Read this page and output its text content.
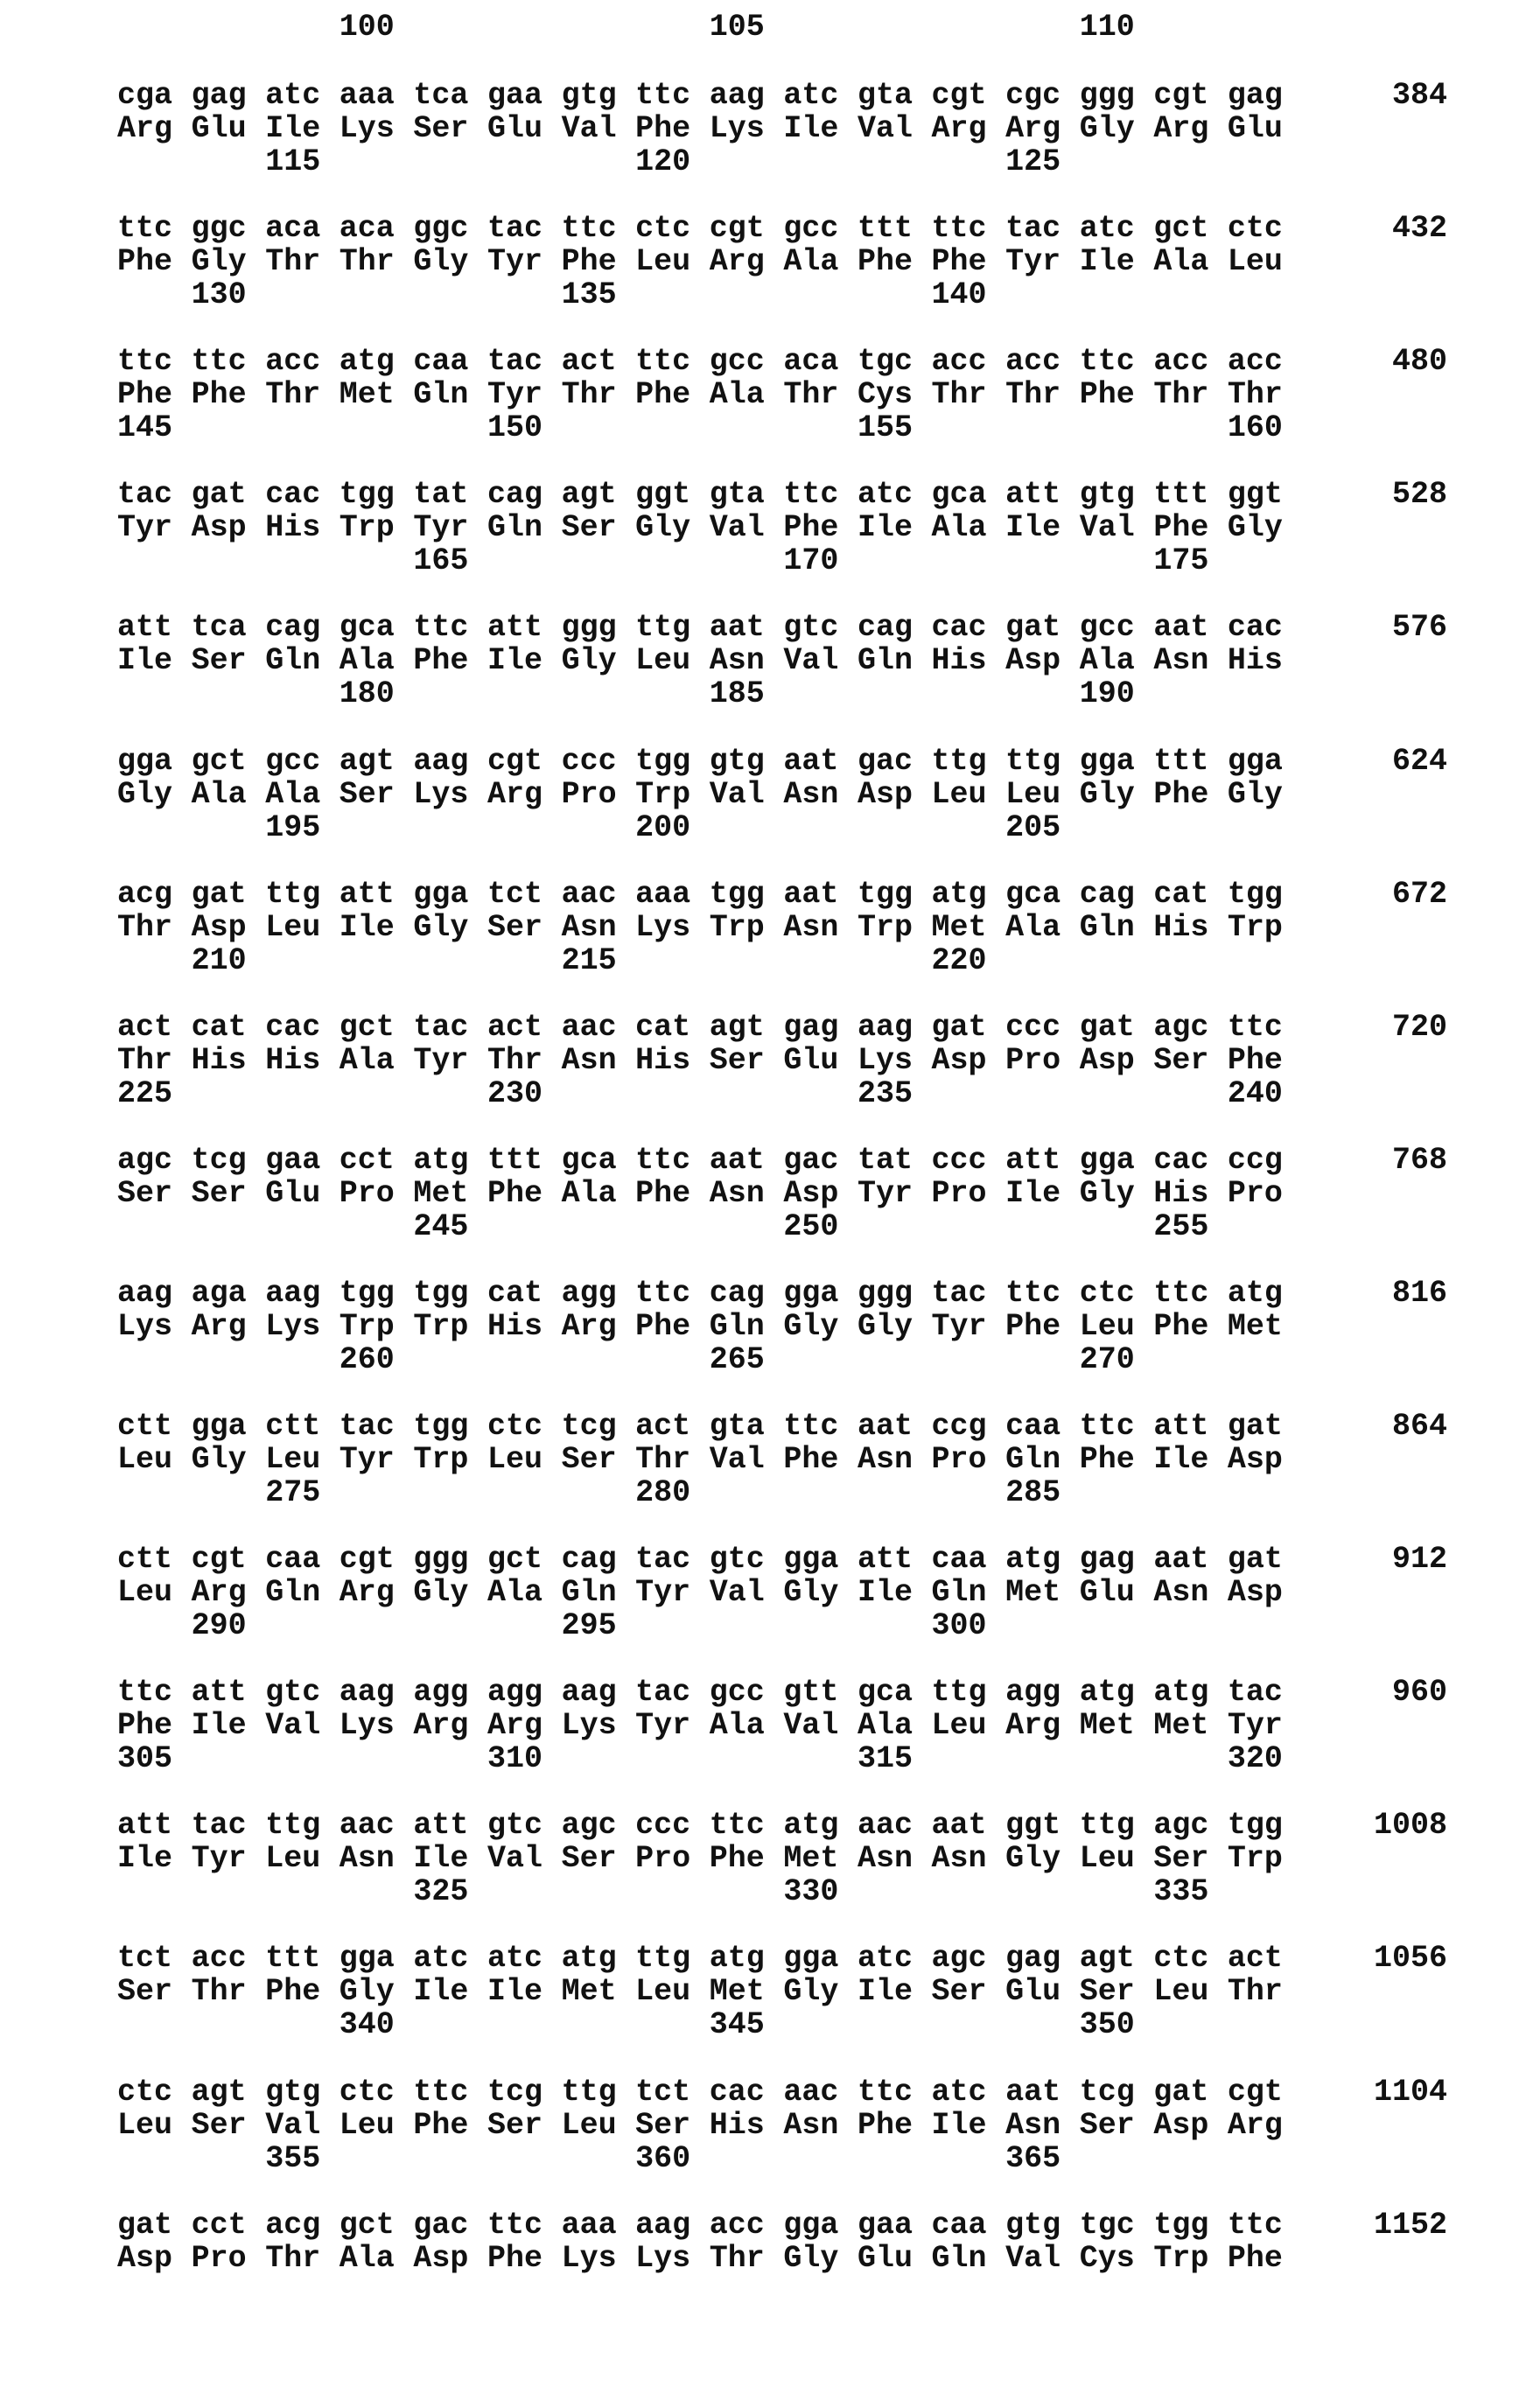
100	105	110
cga gag atc aaa tca gaa gtg ttc aag atc gta cgt cgc ggg cgt gag
Arg Glu Ile Lys Ser Glu Val Phe Lys Ile Val Arg Arg Gly Arg Glu
115	120	125
384
ttc ggc aca aca ggc tac ttc ctc cgt gcc ttt ttc tac atc gct ctc
Phe Gly Thr Thr Gly Tyr Phe Leu Arg Ala Phe Phe Tyr Ile Ala Leu
130	135	140
432
ttc ttc acc atg caa tac act ttc gcc aca tgc acc acc ttc acc acc
Phe Phe Thr Met Gln Tyr Thr Phe Ala Thr Cys Thr Thr Phe Thr Thr
145	150	155	160
480
tac gat cac tgg tat cag agt ggt gta ttc atc gca att gtg ttt ggt
Tyr Asp His Trp Tyr Gln Ser Gly Val Phe Ile Ala Ile Val Phe Gly
165	170	175
528
att tca cag gca ttc att ggg ttg aat gtc cag cac gat gcc aat cac
Ile Ser Gln Ala Phe Ile Gly Leu Asn Val Gln His Asp Ala Asn His
180	185	190
576
gga gct gcc agt aag cgt ccc tgg gtg aat gac ttg ttg gga ttt gga
Gly Ala Ala Ser Lys Arg Pro Trp Val Asn Asp Leu Leu Gly Phe Gly
195	200	205
624
acg gat ttg att gga tct aac aaa tgg aat tgg atg gca cag cat tgg
Thr Asp Leu Ile Gly Ser Asn Lys Trp Asn Trp Met Ala Gln His Trp
210	215	220
672
act cat cac gct tac act aac cat agt gag aag gat ccc gat agc ttc
Thr His His Ala Tyr Thr Asn His Ser Glu Lys Asp Pro Asp Ser Phe
225	230	235	240
720
agc tcg gaa cct atg ttt gca ttc aat gac tat ccc att gga cac ccg
Ser Ser Glu Pro Met Phe Ala Phe Asn Asp Tyr Pro Ile Gly His Pro
245	250	255
768
aag aga aag tgg tgg cat agg ttc cag gga ggg tac ttc ctc ttc atg
Lys Arg Lys Trp Trp His Arg Phe Gln Gly Gly Tyr Phe Leu Phe Met
260	265	270
816
ctt gga ctt tac tgg ctc tcg act gta ttc aat ccg caa ttc att gat
Leu Gly Leu Tyr Trp Leu Ser Thr Val Phe Asn Pro Gln Phe Ile Asp
275	280	285
864
ctt cgt caa cgt ggg gct cag tac gtc gga att caa atg gag aat gat
Leu Arg Gln Arg Gly Ala Gln Tyr Val Gly Ile Gln Met Glu Asn Asp
290	295	300
912
ttc att gtc aag agg agg aag tac gcc gtt gca ttg agg atg atg tac
Phe Ile Val Lys Arg Arg Lys Tyr Ala Val Ala Leu Arg Met Met Tyr
305	310	315	320
960
att tac ttg aac att gtc agc ccc ttc atg aac aat ggt ttg agc tgg
Ile Tyr Leu Asn Ile Val Ser Pro Phe Met Asn Asn Gly Leu Ser Trp
325	330	335
1008
tct acc ttt gga atc atc atg ttg atg gga atc agc gag agt ctc act
Ser Thr Phe Gly Ile Ile Met Leu Met Gly Ile Ser Glu Ser Leu Thr
340	345	350
1056
ctc agt gtg ctc ttc tcg ttg tct cac aac ttc atc aat tcg gat cgt
Leu Ser Val Leu Phe Ser Leu Ser His Asn Phe Ile Asn Ser Asp Arg
355	360	365
1104
gat cct acg gct gac ttc aaa aag acc gga gaa caa gtg tgc tgg ttc
Asp Pro Thr Ala Asp Phe Lys Lys Thr Gly Glu Gln Val Cys Trp Phe
1152
